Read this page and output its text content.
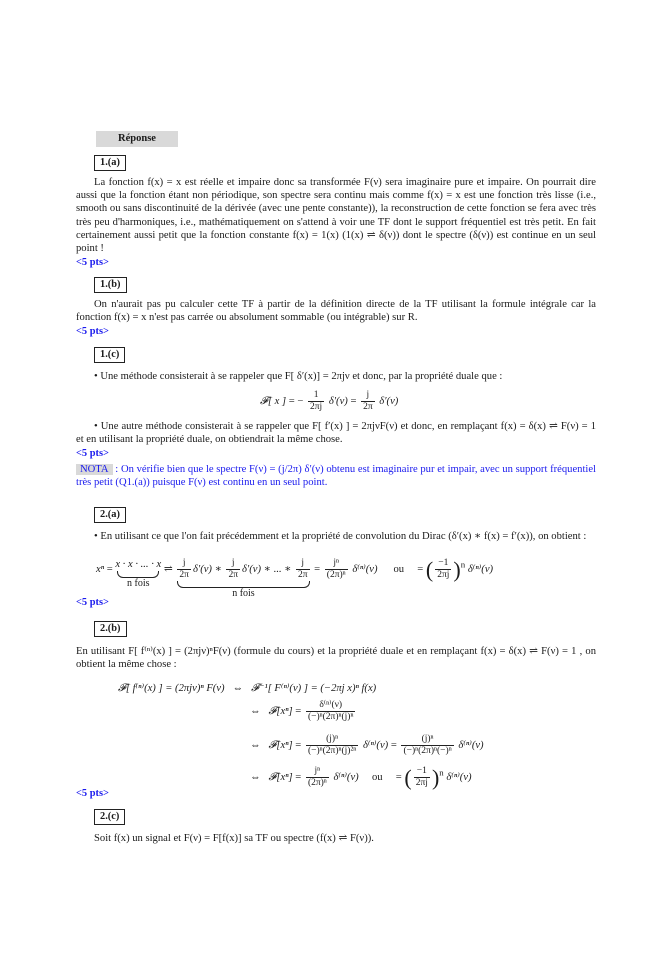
Réponse
1.(a)
La fonction f(x) = x est réelle et impaire donc sa transformée F(ν) sera imaginaire pure et impaire. On pourrait dire aussi que la fonction étant non périodique, son spectre sera continu mais comme f(x) = x est une fonction très lisse (i.e., smooth ou sans discontinuité de la dérivée (avec une pente constante)), la reconstruction de cette fonction se fera avec très très peu d'harmoniques, i.e., mathématiquement on s'attend à voir une TF dont le support fréquentiel est très petit. En fait certainement aussi petit que la fonction constante f(x) = 1(x) (1(x) ⇌ δ(ν)) dont le spectre (δ(ν)) est continue en un seul point !
<5 pts>
1.(b)
On n'aurait pas pu calculer cette TF à partir de la définition directe de la TF utilisant la formule intégrale car la fonction f(x) = x n'est pas carrée ou absolument sommable (ou intégrable) sur R.
<5 pts>
1.(c)
• Une méthode consisterait à se rappeler que F[ δ′(x)] = 2πjν et donc, par la propriété duale que :
𝓕[ x ] = − $\frac{1}{2\pi j} \delta'(\nu) = \frac{j}{2\pi} \delta'(\nu)$
• Une autre méthode consisterait à se rappeler que F[ f′(x) ] = 2πjνF(ν) et donc, en remplaçant f(x) = δ(x) ⇌ F(ν) = 1 et en utilisant la propriété duale, on obtiendrait la même chose.
<5 pts>
NOTA : On vérifie bien que le spectre F(ν) = (j/2π) δ′(ν) obtenu est imaginaire pur et impair, avec un support fréquentiel très petit (Q1.(a)) puisque F(ν) est continu en un seul point.
2.(a)
• En utilisant ce que l'on fait précédemment et la propriété de convolution du Dirac (δ′(x) ∗ f(x) = f′(x)), on obtient :
xⁿ = x · x · ... · x
n fois
⇌ $\frac{j}{2\pi} \delta'(\nu)$ ∗ $\frac{j}{2\pi} \delta'(\nu)$ ∗ ... ∗ $\frac{j}{2\pi}$
n fois
= $\frac{\text{jⁿ}}{\text{(2π)ⁿ}} \delta^{(n)}(\nu)$ ou     = ( $\frac{-1}{2\pi j} )^n$ δ⁽ⁿ⁾(ν)
<5 pts>
2.(b)
En utilisant F[ f⁽ⁿ⁾(x) ] = (2πjν)ⁿF(ν) (formule du cours) et la propriété duale et en remplaçant f(x) = δ(x) ⇌ F(ν) = 1 , on obtient la même chose :
𝓕[ f⁽ⁿ⁾(x) ] = (2πjν)ⁿ F(ν)   ⇔   𝓕⁻¹[ F⁽ⁿ⁾(ν) ] = (−2πj x)ⁿ f(x)
⇔   𝓕[xⁿ] = $\frac{\text{δ⁽ⁿ⁾(ν)}}{\text{(−)ⁿ(2π)ⁿ(j)ⁿ}}$
⇔   𝓕[xⁿ] = $\frac{\text{(j)ⁿ}}{\text{(−)ⁿ(2π)ⁿ(j)²ⁿ}} \delta^{(n)}(\nu) = \frac{\text{(j)ⁿ}}{\text{(−)ⁿ(2π)ⁿ(−)ⁿ}} \delta^{(n)}(\nu)$
⇔   𝓕[xⁿ] = $\frac{\text{jⁿ}}{\text{(2π)ⁿ}} \delta^{(n)}(\nu)$ ou     = ( $\frac{-1}{2\pi j} )^n$ δ⁽ⁿ⁾(ν)
<5 pts>
2.(c)
Soit f(x) un signal et F(ν) = F[f(x)] sa TF ou spectre (f(x) ⇌ F(ν)).
